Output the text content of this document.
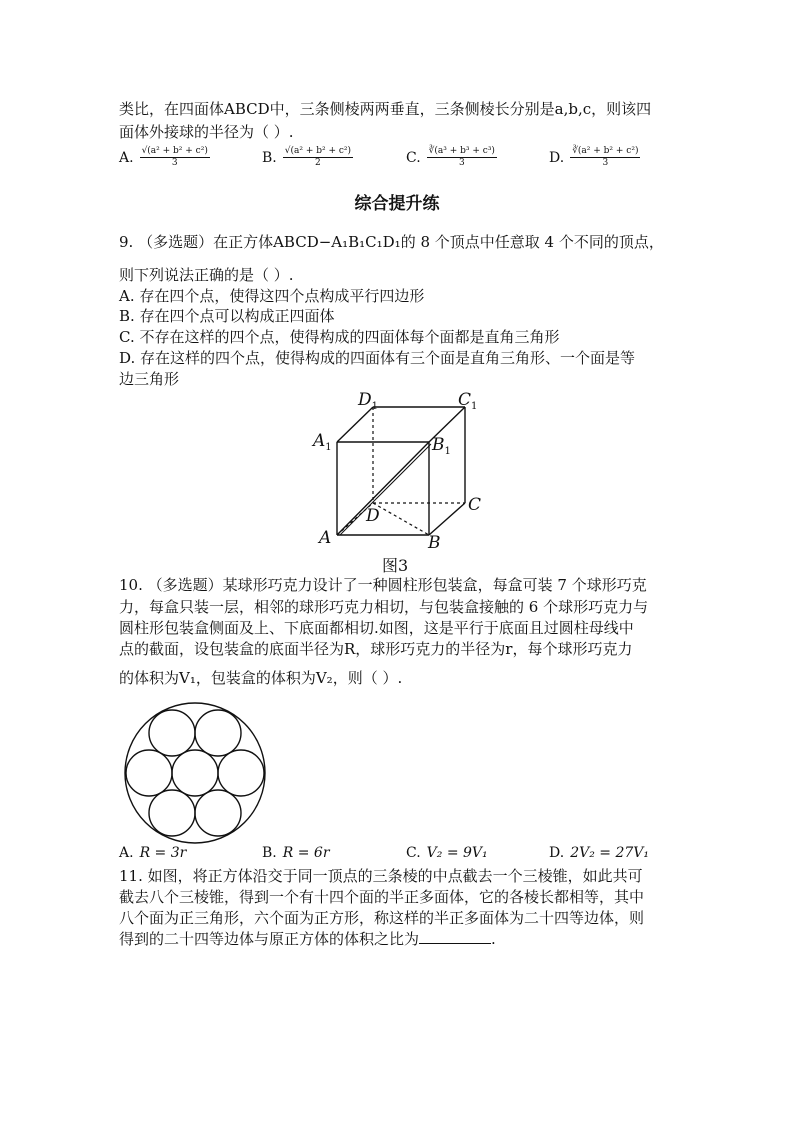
类比，在四面体ABCD中，三条侧棱两两垂直，三条侧棱长分别是a,b,c，则该四
面体外接球的半径为（ ）.
A. $\frac{\text{√(a² + b² + c²)}}{3}$	B. $\frac{\text{√(a² + b² + c²)}}{2}$	C. $\frac{\text{∛(a³ + b³ + c³)}}{3}$	D. $\frac{\text{∛(a² + b² + c²)}}{3}$
综合提升练
9. （多选题）在正方体ABCD−A₁B₁C₁D₁的 8 个顶点中任意取 4 个不同的顶点，
则下列说法正确的是（ ）.
A. 存在四个点，使得这四个点构成平行四边形
B. 存在四个点可以构成正四面体
C. 不存在这样的四个点，使得构成的四面体每个面都是直角三角形
D. 存在这样的四个点，使得构成的四面体有三个面是直角三角形、一个面是等
边三角形
$D_1$	$C_1$
$A_1$	$B_1$
A	B
C
D
图3
10. （多选题）某球形巧克力设计了一种圆柱形包装盒，每盒可装 7 个球形巧克
力，每盒只装一层，相邻的球形巧克力相切，与包装盒接触的 6 个球形巧克力与
圆柱形包装盒侧面及上、下底面都相切.如图，这是平行于底面且过圆柱母线中
点的截面，设包装盒的底面半径为R，球形巧克力的半径为r，每个球形巧克力
的体积为V₁，包装盒的体积为V₂，则（ ）.
A. R = 3r	B. R = 6r	C. V₂ = 9V₁	D. 2V₂ = 27V₁
11. 如图，将正方体沿交于同一顶点的三条棱的中点截去一个三棱锥，如此共可
截去八个三棱锥，得到一个有十四个面的半正多面体，它的各棱长都相等，其中
八个面为正三角形，六个面为正方形，称这样的半正多面体为二十四等边体，则
得到的二十四等边体与原正方体的体积之比为	.
